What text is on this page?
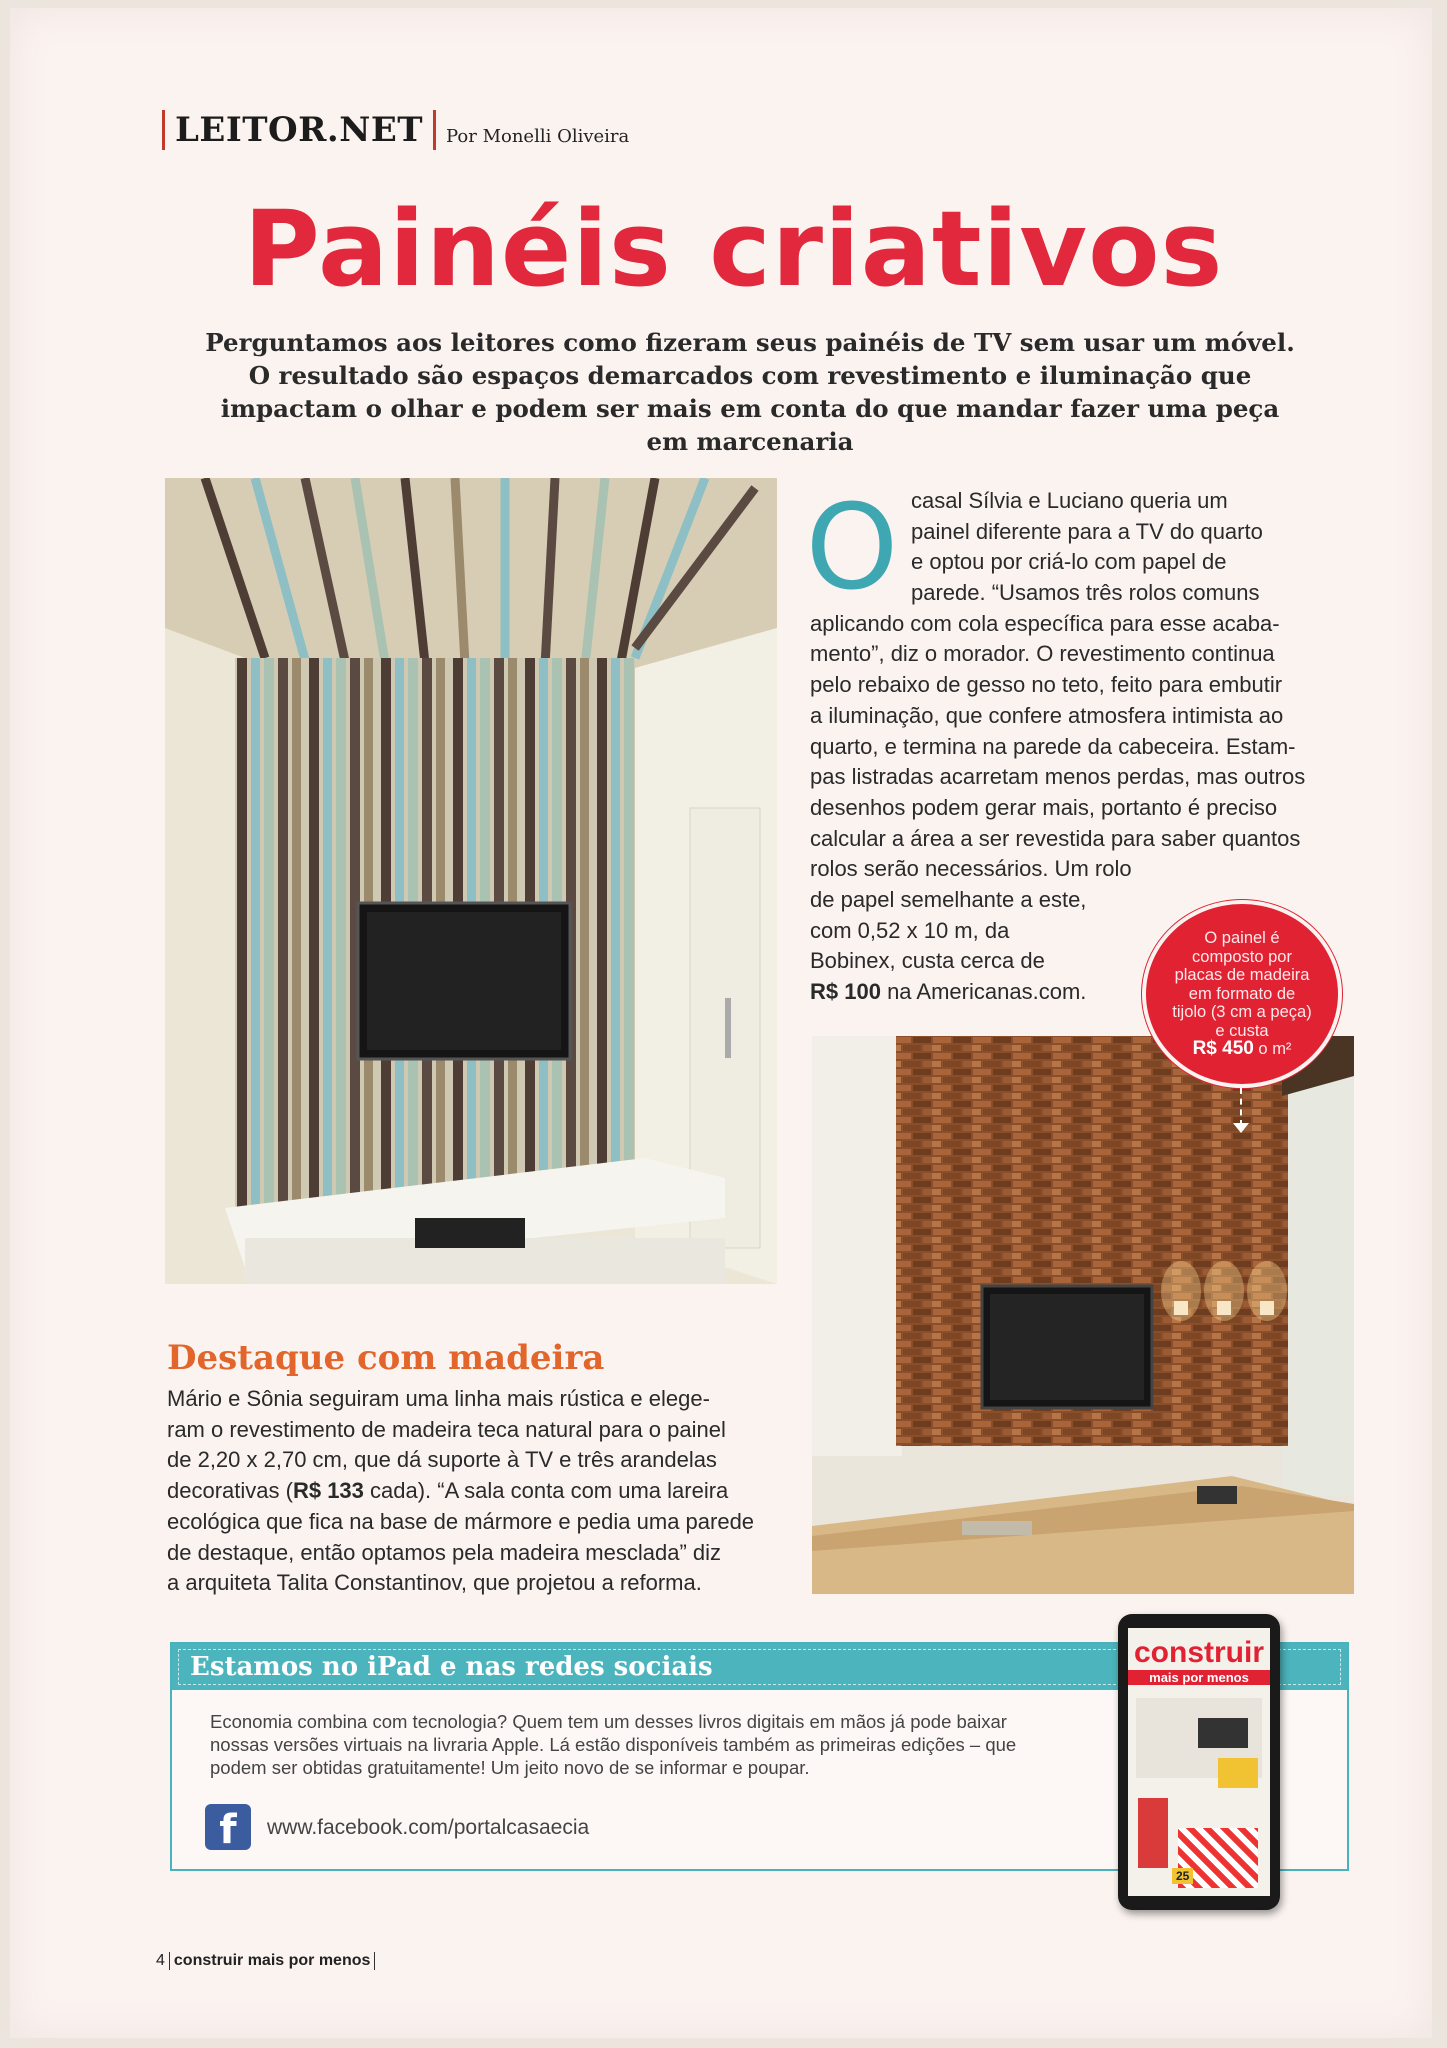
LEITOR.NET Por Monelli Oliveira
Painéis criativos

Perguntamos aos leitores como fizeram seus painéis de TV sem usar um móvel. O resultado são espaços demarcados com revestimento e iluminação que impactam o olhar e podem ser mais em conta do que mandar fazer uma peça em marcenaria

O casal Sílvia e Luciano queria um

painel diferente para a TV do quarto

e optou por criá-lo com papel de

parede. “Usamos três rolos comuns

aplicando com cola específica para esse acaba-

mento”, diz o morador. O revestimento continua

pelo rebaixo de gesso no teto, feito para embutir

a iluminação, que confere atmosfera intimista ao

quarto, e termina na parede da cabeceira. Estam-

pas listradas acarretam menos perdas, mas outros

desenhos podem gerar mais, portanto é preciso

calcular a área a ser revestida para saber quantos

rolos serão necessários. Um rolo

de papel semelhante a este,

com 0,52 x 10 m, da

Bobinex, custa cerca de

R$ 100 na Americanas.com.

O painel é
composto por
placas de madeira
em formato de
tijolo (3 cm a peça)
e custa
R$ 450 o m²
Destaque com madeira

Mário e Sônia seguiram uma linha mais rústica e elege-

ram o revestimento de madeira teca natural para o painel

de 2,20 x 2,70 cm, que dá suporte à TV e três arandelas

decorativas (R$ 133 cada). “A sala conta com uma lareira

ecológica que fica na base de mármore e pedia uma parede

de destaque, então optamos pela madeira mesclada” diz

a arquiteta Talita Constantinov, que projetou a reforma.

Estamos no iPad e nas redes sociais
Economia combina com tecnologia? Quem tem um desses livros digitais em mãos já pode baixar nossas versões virtuais na livraria Apple. Lá estão disponíveis também as primeiras edições – que podem ser obtidas gratuitamente! Um jeito novo de se informar e poupar.
f	www.facebook.com/portalcasaecia
construir
mais por menos
25
4 construir mais por menos
